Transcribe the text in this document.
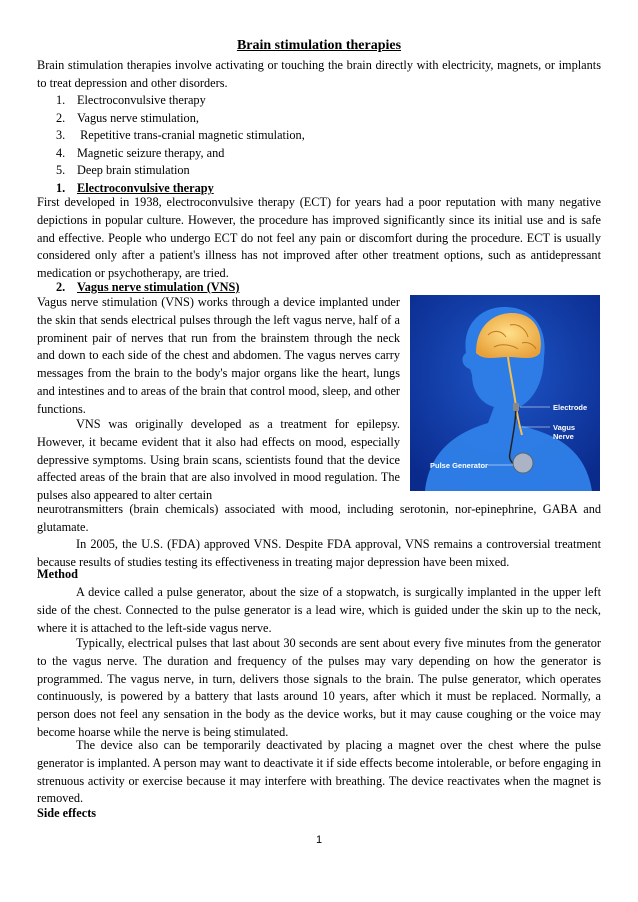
Brain stimulation therapies
Brain stimulation therapies involve activating or touching the brain directly with electricity, magnets, or implants to treat depression and other disorders.
1. Electroconvulsive therapy
2. Vagus nerve stimulation,
3. Repetitive trans-cranial magnetic stimulation,
4. Magnetic seizure therapy, and
5. Deep brain stimulation
1. Electroconvulsive therapy
First developed in 1938, electroconvulsive therapy (ECT) for years had a poor reputation with many negative depictions in popular culture. However, the procedure has improved significantly since its initial use and is safe and effective. People who undergo ECT do not feel any pain or discomfort during the procedure. ECT is usually considered only after a patient's illness has not improved after other treatment options, such as antidepressant medication or psychotherapy, are tried.
2. Vagus nerve stimulation (VNS)
Vagus nerve stimulation (VNS) works through a device implanted under the skin that sends electrical pulses through the left vagus nerve, half of a prominent pair of nerves that run from the brainstem through the neck and down to each side of the chest and abdomen. The vagus nerves carry messages from the brain to the body's major organs like the heart, lungs and intestines and to areas of the brain that control mood, sleep, and other functions.
VNS was originally developed as a treatment for epilepsy. However, it became evident that it also had effects on mood, especially depressive symptoms. Using brain scans, scientists found that the device affected areas of the brain that are also involved in mood regulation. The pulses also appeared to alter certain
neurotransmitters (brain chemicals) associated with mood, including serotonin, nor-epinephrine, GABA and glutamate.
In 2005, the U.S. (FDA) approved VNS. Despite FDA approval, VNS remains a controversial treatment because results of studies testing its effectiveness in treating major depression have been mixed.
Electrode
Vagus
Nerve
Pulse Generator
Method
A device called a pulse generator, about the size of a stopwatch, is surgically implanted in the upper left side of the chest. Connected to the pulse generator is a lead wire, which is guided under the skin up to the neck, where it is attached to the left-side vagus nerve.
Typically, electrical pulses that last about 30 seconds are sent about every five minutes from the generator to the vagus nerve. The duration and frequency of the pulses may vary depending on how the generator is programmed. The vagus nerve, in turn, delivers those signals to the brain. The pulse generator, which operates continuously, is powered by a battery that lasts around 10 years, after which it must be replaced. Normally, a person does not feel any sensation in the body as the device works, but it may cause coughing or the voice may become hoarse while the nerve is being stimulated.
The device also can be temporarily deactivated by placing a magnet over the chest where the pulse generator is implanted. A person may want to deactivate it if side effects become intolerable, or before engaging in strenuous activity or exercise because it may interfere with breathing. The device reactivates when the magnet is removed.
Side effects
1
